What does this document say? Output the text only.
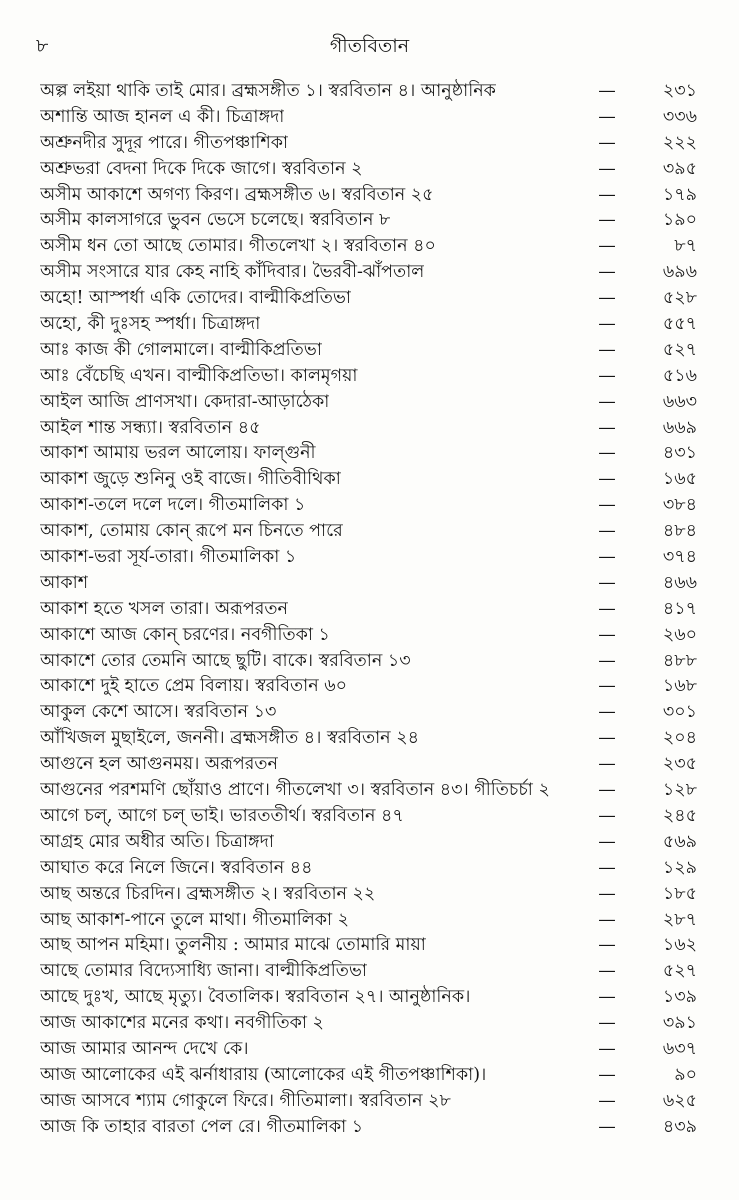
৮	গীতবিতান
অল্প লইয়া থাকি তাই মোর। ব্রহ্মসঙ্গীত ১। স্বরবিতান ৪। আনুষ্ঠানিক	—	২৩১
অশান্তি আজ হানল এ কী। চিত্রাঙ্গদা	—	৩৩৬
অশ্রুনদীর সুদূর পারে। গীতপঞ্চাশিকা	—	২২২
অশ্রুভরা বেদনা দিকে দিকে জাগে। স্বরবিতান ২	—	৩৯৫
অসীম আকাশে অগণ্য কিরণ। ব্রহ্মসঙ্গীত ৬। স্বরবিতান ২৫	—	১৭৯
অসীম কালসাগরে ভুবন ভেসে চলেছে। স্বরবিতান ৮	—	১৯০
অসীম ধন তো আছে তোমার। গীতলেখা ২। স্বরবিতান ৪০	—	৮৭
অসীম সংসারে যার কেহ নাহি কাঁদিবার। ভৈরবী-ঝাঁপতাল	—	৬৯৬
অহো! আস্পর্ধা একি তোদের। বাল্মীকিপ্রতিভা	—	৫২৮
অহো, কী দুঃসহ স্পর্ধা। চিত্রাঙ্গদা	—	৫৫৭
আঃ কাজ কী গোলমালে। বাল্মীকিপ্রতিভা	—	৫২৭
আঃ বেঁচেছি এখন। বাল্মীকিপ্রতিভা। কালমৃগয়া	—	৫১৬
আইল আজি প্রাণসখা। কেদারা-আড়াঠেকা	—	৬৬৩
আইল শান্ত সন্ধ্যা। স্বরবিতান ৪৫	—	৬৬৯
আকাশ আমায় ভরল আলোয়। ফাল্গুনী	—	৪৩১
আকাশ জুড়ে শুনিনু ওই বাজে। গীতিবীথিকা	—	১৬৫
আকাশ-তলে দলে দলে। গীতমালিকা ১	—	৩৮৪
আকাশ, তোমায় কোন্ রূপে মন চিনতে পারে	—	৪৮৪
আকাশ-ভরা সূর্য-তারা। গীতমালিকা ১	—	৩৭৪
আকাশ	—	৪৬৬
আকাশ হতে খসল তারা। অরূপরতন	—	৪১৭
আকাশে আজ কোন্ চরণের। নবগীতিকা ১	—	২৬০
আকাশে তোর তেমনি আছে ছুটি। বাকে। স্বরবিতান ১৩	—	৪৮৮
আকাশে দুই হাতে প্রেম বিলায়। স্বরবিতান ৬০	—	১৬৮
আকুল কেশে আসে। স্বরবিতান ১৩	—	৩০১
আঁখিজল মুছাইলে, জননী। ব্রহ্মসঙ্গীত ৪। স্বরবিতান ২৪	—	২০৪
আগুনে হল আগুনময়। অরূপরতন	—	২৩৫
আগুনের পরশমণি ছোঁয়াও প্রাণে। গীতলেখা ৩। স্বরবিতান ৪৩। গীতিচর্চা ২	—	১২৮
আগে চল্, আগে চল্ ভাই। ভারততীর্থ। স্বরবিতান ৪৭	—	২৪৫
আগ্রহ মোর অধীর অতি। চিত্রাঙ্গদা	—	৫৬৯
আঘাত করে নিলে জিনে। স্বরবিতান ৪৪	—	১২৯
আছ অন্তরে চিরদিন। ব্রহ্মসঙ্গীত ২। স্বরবিতান ২২	—	১৮৫
আছ আকাশ-পানে তুলে মাথা। গীতমালিকা ২	—	২৮৭
আছ আপন মহিমা। তুলনীয় : আমার মাঝে তোমারি মায়া	—	১৬২
আছে তোমার বিদ্যেসাধ্যি জানা। বাল্মীকিপ্রতিভা	—	৫২৭
আছে দুঃখ, আছে মৃত্যু। বৈতালিক। স্বরবিতান ২৭। আনুষ্ঠানিক।	—	১৩৯
আজ আকাশের মনের কথা। নবগীতিকা ২	—	৩৯১
আজ আমার আনন্দ দেখে কে।	—	৬৩৭
আজ আলোকের এই ঝর্নাধারায় (আলোকের এই গীতপঞ্চাশিকা)।	—	৯০
আজ আসবে শ্যাম গোকুলে ফিরে। গীতিমালা। স্বরবিতান ২৮	—	৬২৫
আজ কি তাহার বারতা পেল রে। গীতমালিকা ১	—	৪৩৯
